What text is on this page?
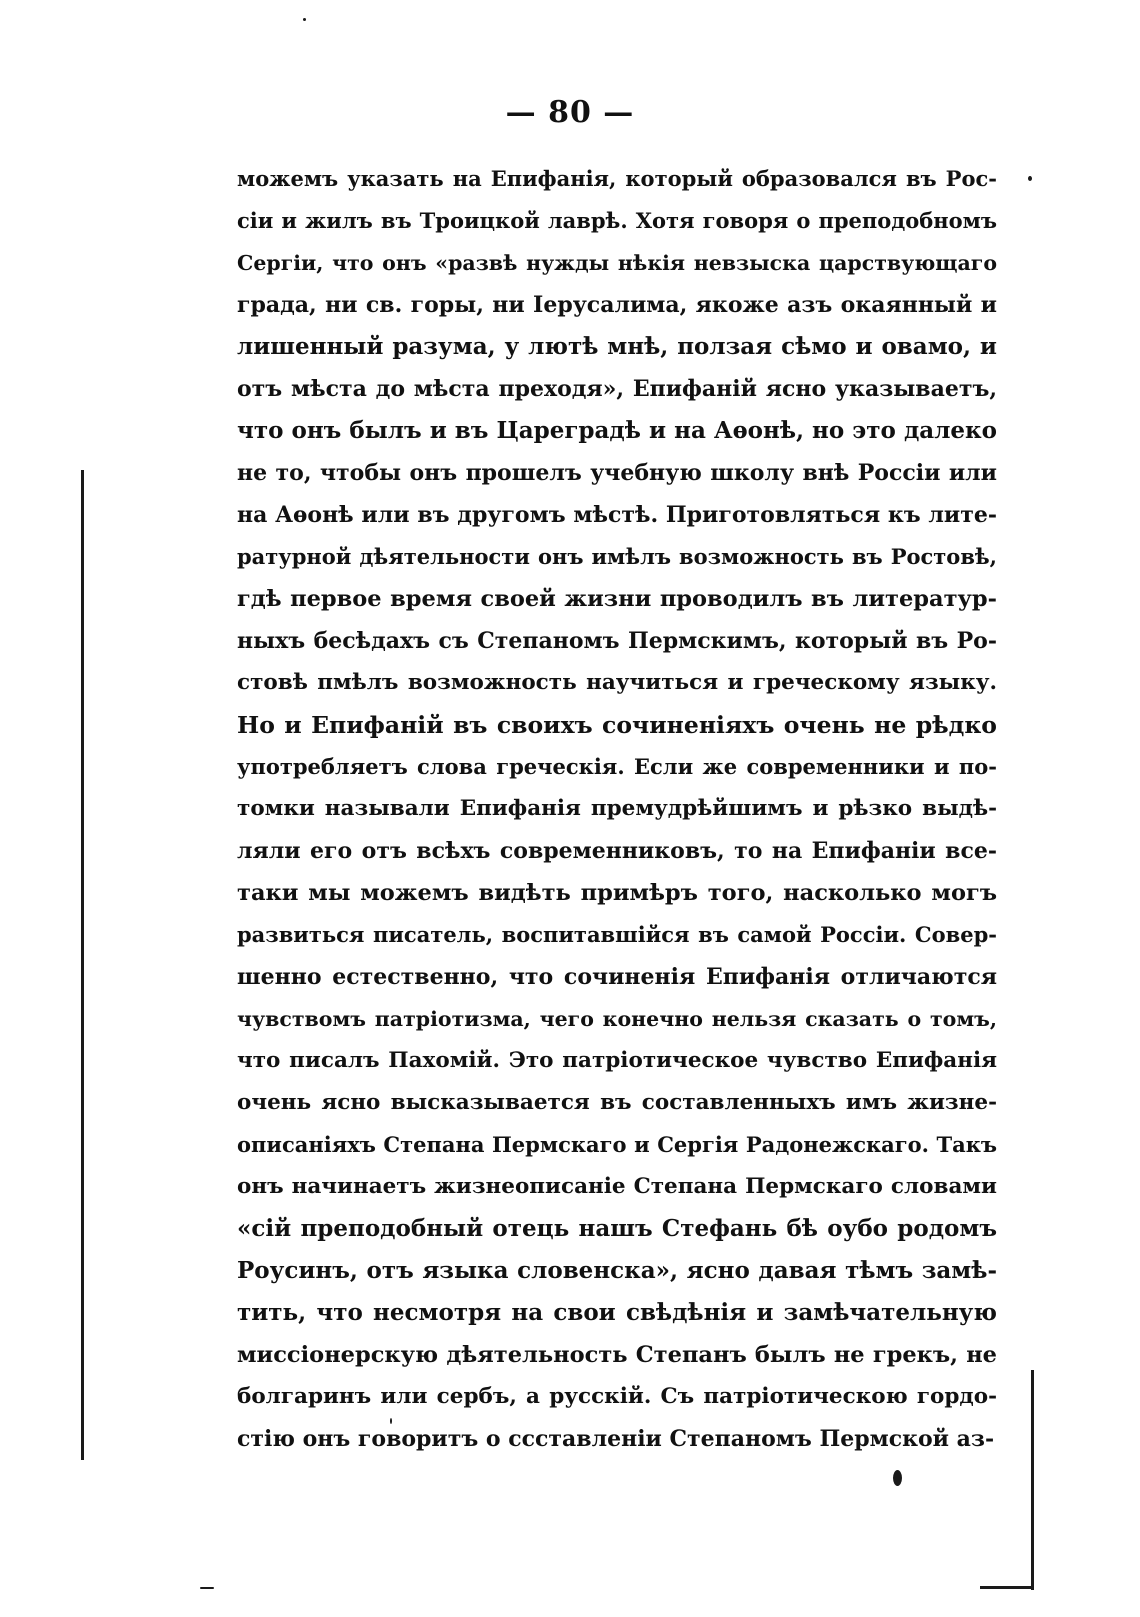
— 80 —
можемъ указать на Епифанія, который образовался въ Рос-
сіи и жилъ въ Троицкой лаврѣ. Хотя говоря о преподобномъ
Сергіи, что онъ «развѣ нужды нѣкія невзыска царствующаго
града, ни св. горы, ни Іерусалима, якоже азъ окаянный и
лишенный разума, у лютѣ мнѣ, ползая сѣмо и овамо, и
отъ мѣста до мѣста преходя», Епифаній ясно указываетъ,
что онъ былъ и въ Цареградѣ и на Аѳонѣ, но это далеко
не то, чтобы онъ прошелъ учебную школу внѣ Россіи или
на Аѳонѣ или въ другомъ мѣстѣ. Приготовляться къ лите-
ратурной дѣятельности онъ имѣлъ возможность въ Ростовѣ,
гдѣ первое время своей жизни проводилъ въ литератур-
ныхъ бесѣдахъ съ Степаномъ Пермскимъ, который въ Ро-
стовѣ пмѣлъ возможность научиться и греческому языку.
Но и Епифаній въ своихъ сочиненіяхъ очень не рѣдко
употребляетъ слова греческія. Если же современники и по-
томки называли Епифанія премудрѣйшимъ и рѣзко выдѣ-
ляли его отъ всѣхъ современниковъ, то на Епифаніи все-
таки мы можемъ видѣть примѣръ того, насколько могъ
развиться писатель, воспитавшійся въ самой Россіи. Совер-
шенно естественно, что сочиненія Епифанія отличаются
чувствомъ патріотизма, чего конечно нельзя сказать о томъ,
что писалъ Пахомій. Это патріотическое чувство Епифанія
очень ясно высказывается въ составленныхъ имъ жизне-
описаніяхъ Степана Пермскаго и Сергія Радонежскаго. Такъ
онъ начинаетъ жизнеописаніе Степана Пермскаго словами
«сій преподобный отець нашъ Стефань бѣ оубо родомъ
Роусинъ, отъ языка словенска», ясно давая тѣмъ замѣ-
тить, что несмотря на свои свѣдѣнія и замѣчательную
миссіонерскую дѣятельность Степанъ былъ не грекъ, не
болгаринъ или сербъ, а русскій. Съ патріотическою гордо-
стію онъ говоритъ о ссставленіи Степаномъ Пермской аз-
